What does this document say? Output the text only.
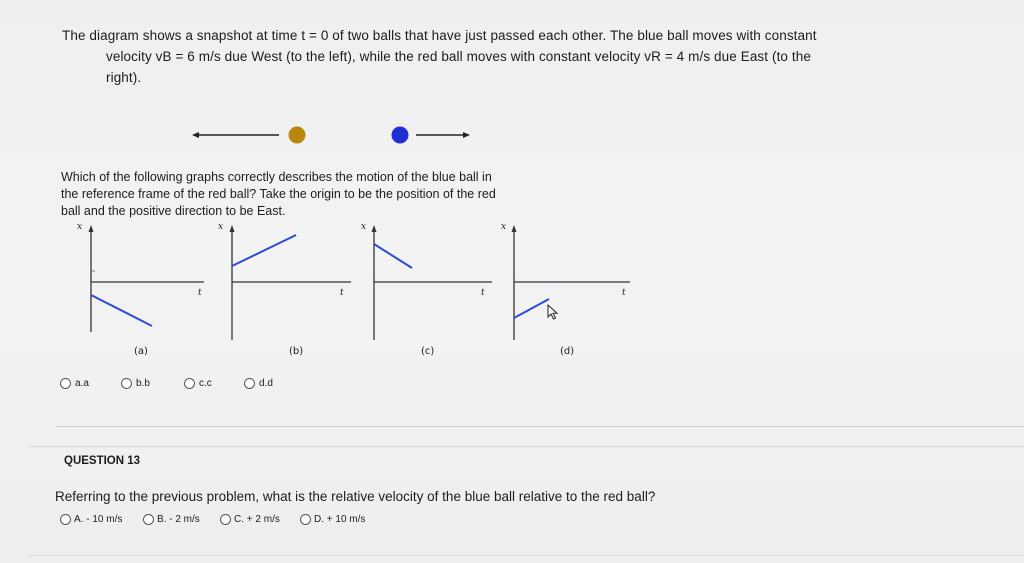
The diagram shows a snapshot at time t = 0 of two balls that have just passed each other. The blue ball moves with constant
velocity vB = 6 m/s due West (to the left), while the red ball moves with constant velocity vR = 4 m/s due East (to the
right).
Which of the following graphs correctly describes the motion of the blue ball in
the reference frame of the red ball? Take the origin to be the position of the red
ball and the positive direction to be East.
x
t
(a)
x
t
(b)
x
t
(c)
x
t
(d)
a.a	b.b	c.c	d.d
QUESTION 13
Referring to the previous problem, what is the relative velocity of the blue ball relative to the red ball?
A. - 10 m/s	B. - 2 m/s	C. + 2 m/s	D. + 10 m/s
